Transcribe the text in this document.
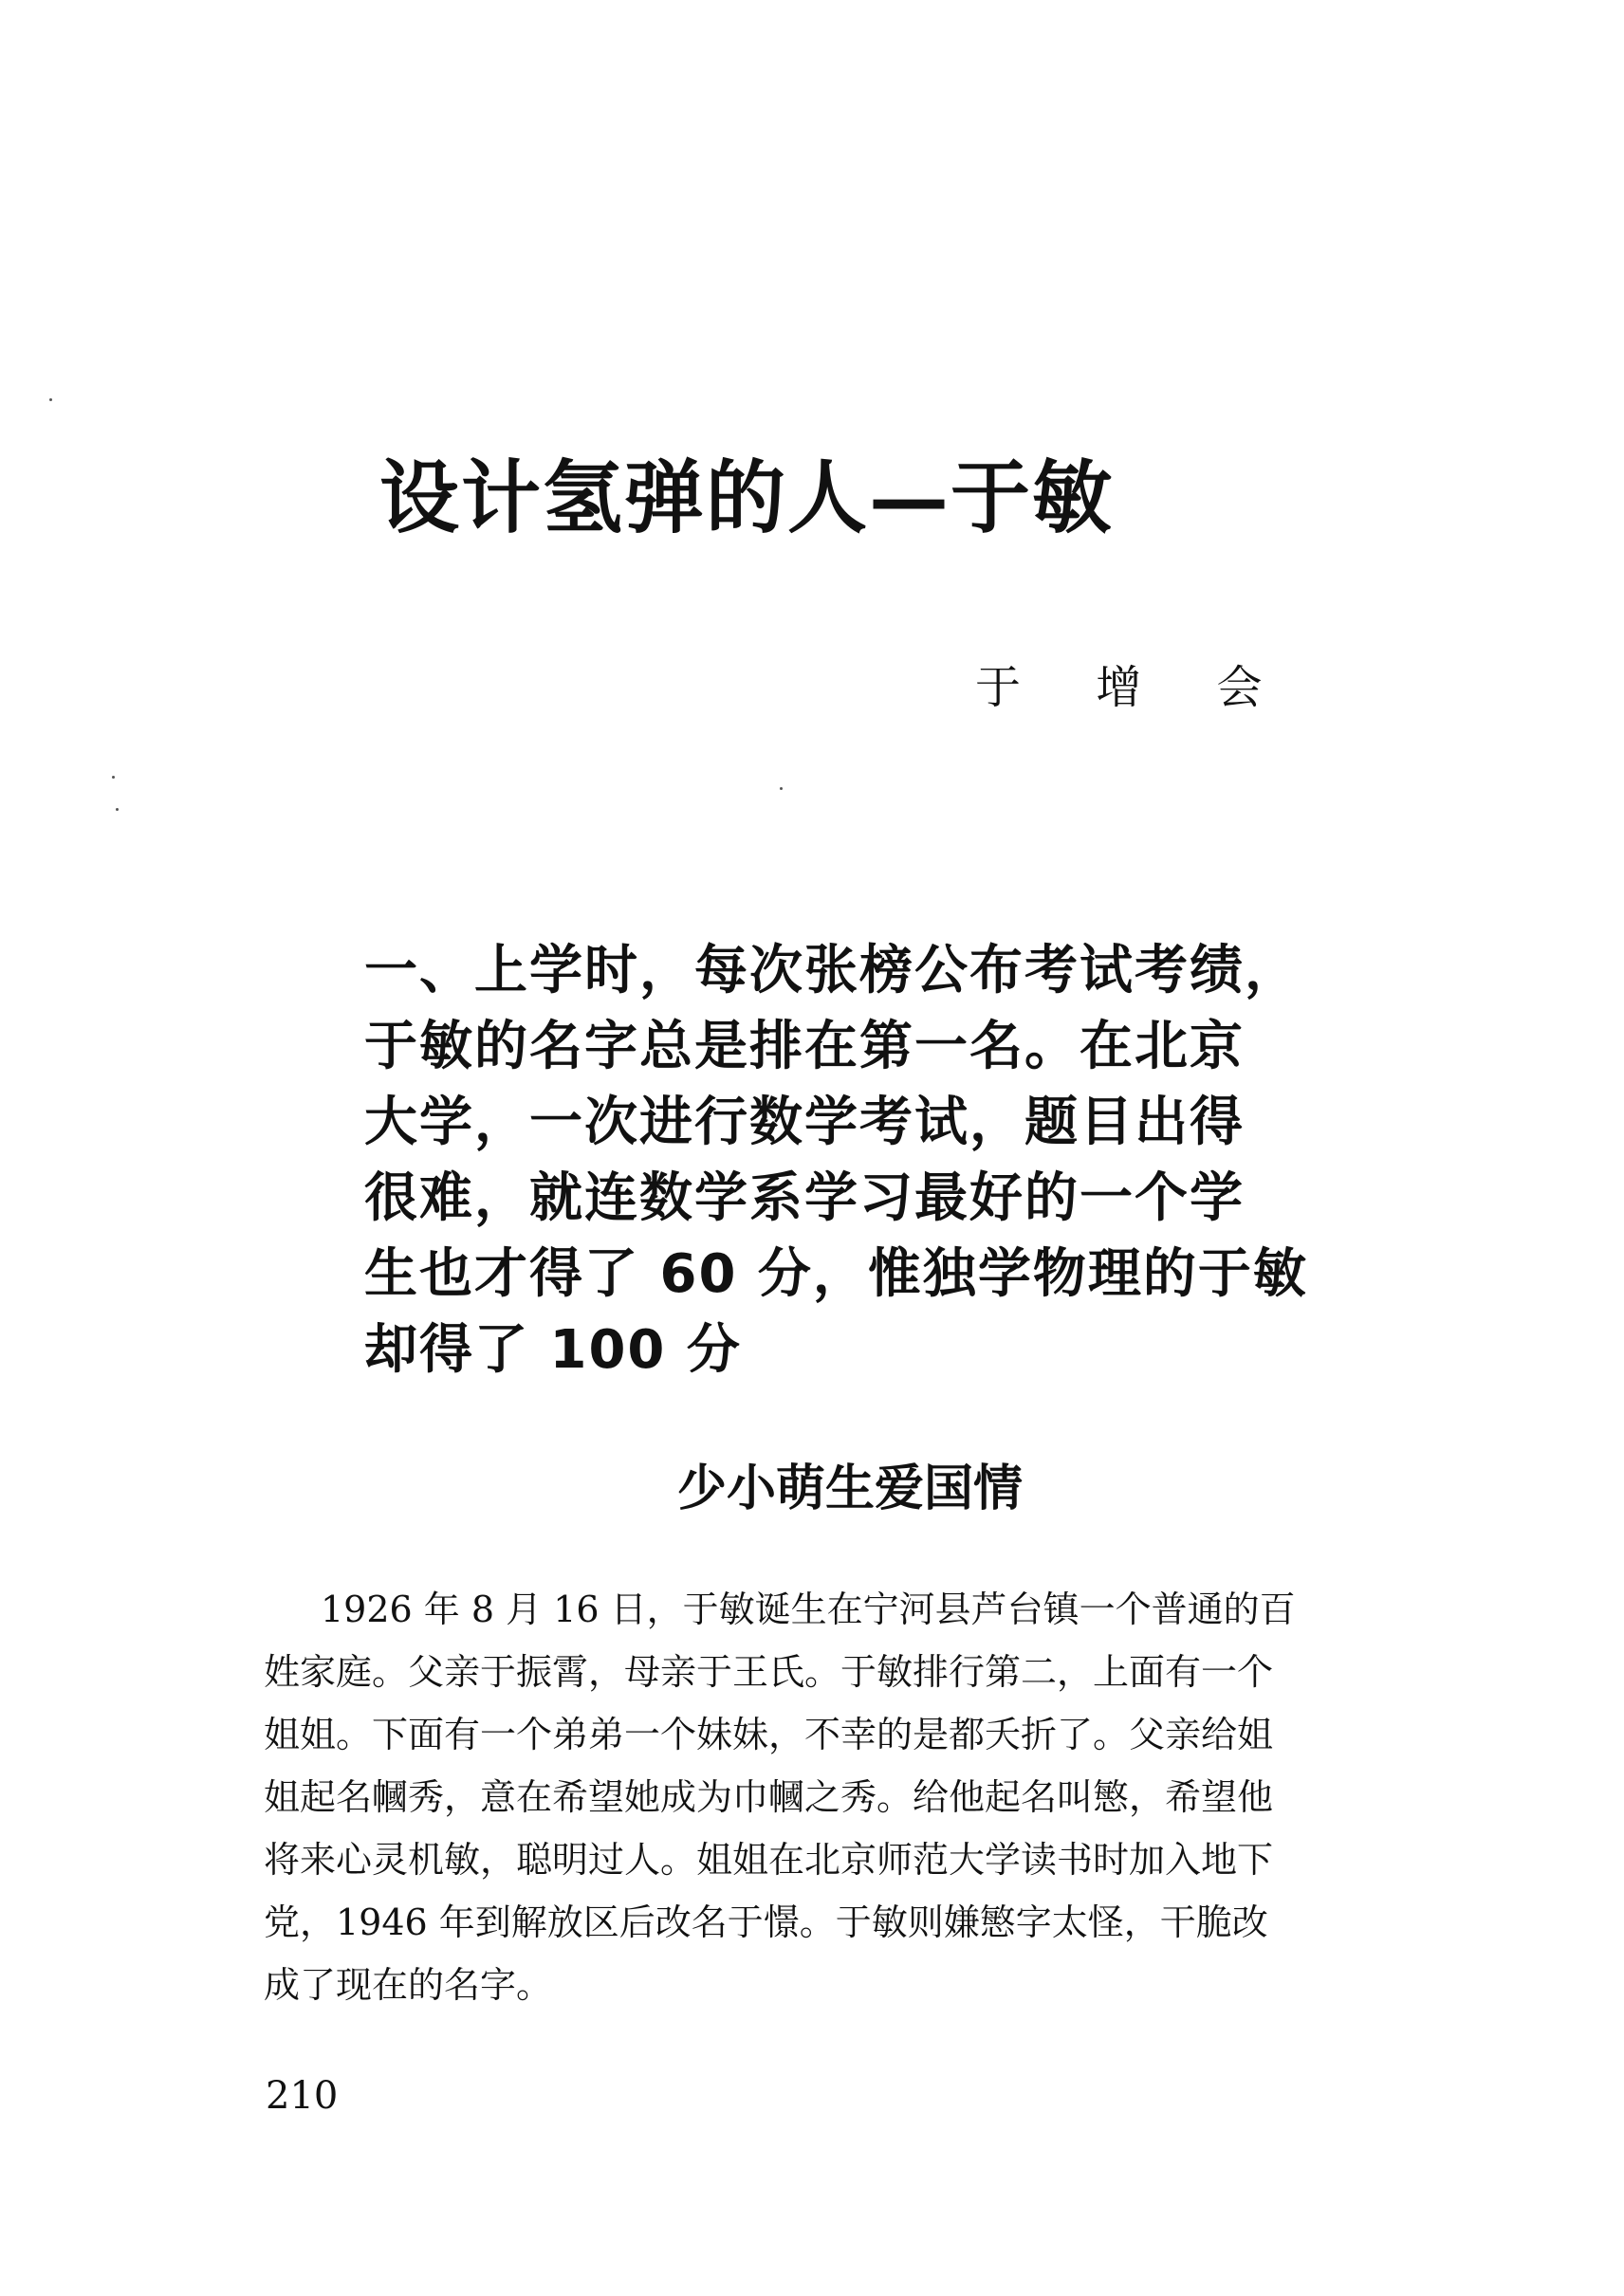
设计氢弹的人—于敏
于 增 会
一、上学时，每次张榜公布考试考绩，
于敏的名字总是排在第一名。在北京
大学，一次进行数学考试，题目出得
很难，就连数学系学习最好的一个学
生也才得了 60 分，惟独学物理的于敏
却得了 100 分
少小萌生爱国情
1926 年 8 月 16 日，于敏诞生在宁河县芦台镇一个普通的百
姓家庭。父亲于振霄，母亲于王氏。于敏排行第二，上面有一个
姐姐。下面有一个弟弟一个妹妹，不幸的是都夭折了。父亲给姐
姐起名幗秀，意在希望她成为巾幗之秀。给他起名叫慜，希望他
将来心灵机敏，聪明过人。姐姐在北京师范大学读书时加入地下
党，1946 年到解放区后改名于憬。于敏则嫌慜字太怪，干脆改
成了现在的名字。
210
